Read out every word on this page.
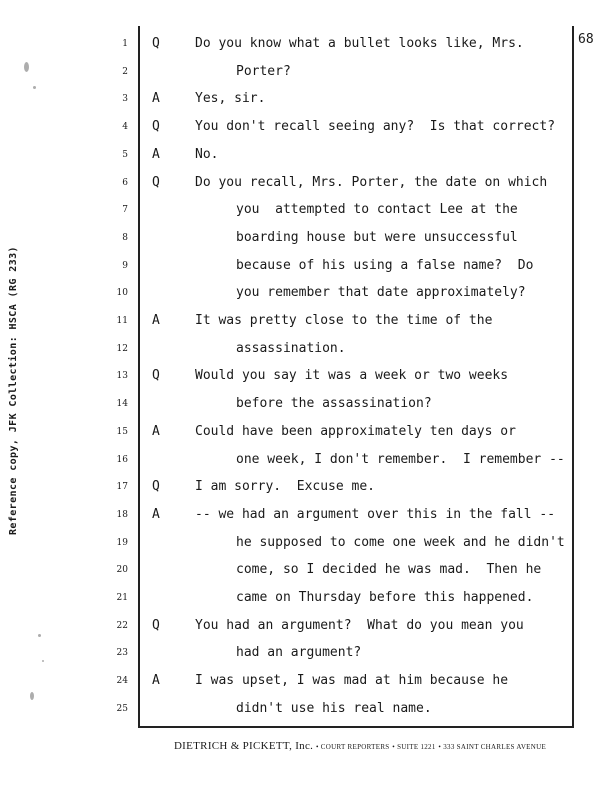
68
Reference copy, JFK Collection: HSCA (RG 233)
1 Q	Do you know what a bullet looks like, Mrs.
2	Porter?
3 A	Yes, sir.
4 Q	You don't recall seeing any?  Is that correct?
5 A	No.
6 Q	Do you recall, Mrs. Porter, the date on which
7	you  attempted to contact Lee at the
8	boarding house but were unsuccessful
9	because of his using a false name?  Do
10	you remember that date approximately?
11 A	It was pretty close to the time of the
12	assassination.
13 Q	Would you say it was a week or two weeks
14	before the assassination?
15 A	Could have been approximately ten days or
16	one week, I don't remember.  I remember --
17 Q	I am sorry.  Excuse me.
18 A	-- we had an argument over this in the fall --
19	he supposed to come one week and he didn't
20	come, so I decided he was mad.  Then he
21	came on Thursday before this happened.
22 Q	You had an argument?  What do you mean you
23	had an argument?
24 A	I was upset, I was mad at him because he
25	didn't use his real name.
DIETRICH & PICKETT, Inc. • COURT REPORTERS • SUITE 1221 • 333 SAINT CHARLES AVENUE
